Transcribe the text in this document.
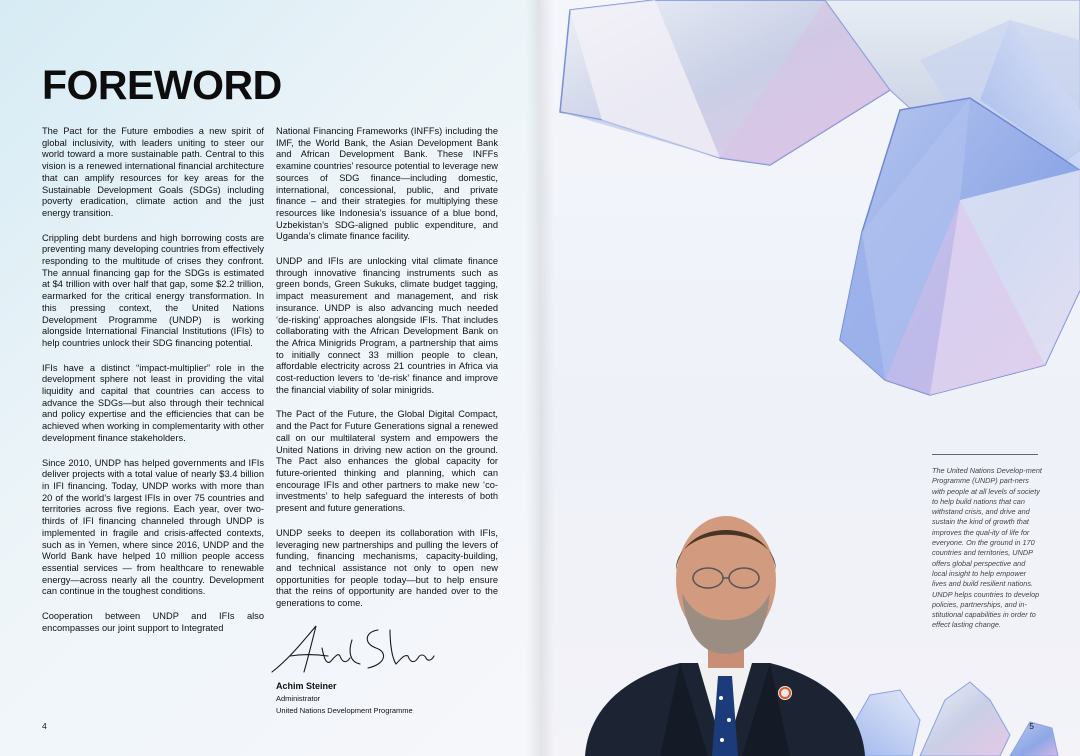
FOREWORD

The Pact for the Future embodies a new spirit of global inclusivity, with leaders uniting to steer our world toward a more sustainable path. Central to this vision is a renewed international financial architecture that can amplify resources for key areas for the Sustainable Development Goals (SDGs) including poverty eradication, climate action and the just energy transition.

Crippling debt burdens and high borrowing costs are preventing many developing countries from effectively responding to the multitude of crises they confront. The annual financing gap for the SDGs is estimated at $4 trillion with over half that gap, some $2.2 trillion, earmarked for the critical energy transformation. In this pressing context, the United Nations Development Programme (UNDP) is working alongside International Financial Institutions (IFIs) to help countries unlock their SDG financing potential.

IFIs have a distinct “impact-multiplier” role in the development sphere not least in providing the vital liquidity and capital that countries can access to advance the SDGs—but also through their technical and policy expertise and the efficiencies that can be achieved when working in complementarity with other development finance stakeholders.

Since 2010, UNDP has helped governments and IFIs deliver projects with a total value of nearly $3.4 billion in IFI financing. Today, UNDP works with more than 20 of the world’s largest IFIs in over 75 countries and territories across five regions. Each year, over two-thirds of IFI financing channeled through UNDP is implemented in fragile and crisis-affected contexts, such as in Yemen, where since 2016, UNDP and the World Bank have helped 10 million people access essential services — from healthcare to renewable energy—across nearly all the country. Development can continue in the toughest conditions.

Cooperation between UNDP and IFIs also encompasses our joint support to Integrated

National Financing Frameworks (INFFs) including the IMF, the World Bank, the Asian Development Bank and African Development Bank. These INFFs examine countries’ resource potential to leverage new sources of SDG finance—including domestic, international, concessional, public, and private finance – and their strategies for multiplying these resources like Indonesia’s issuance of a blue bond, Uzbekistan’s SDG-aligned public expenditure, and Uganda’s climate finance facility.

UNDP and IFIs are unlocking vital climate finance through innovative financing instruments such as green bonds, Green Sukuks, climate budget tagging, impact measurement and management, and risk insurance. UNDP is also advancing much needed ‘de-risking’ approaches alongside IFIs. That includes collaborating with the African Development Bank on the Africa Minigrids Program, a partnership that aims to initially connect 33 million people to clean, affordable electricity across 21 countries in Africa via cost-reduction levers to ‘de-risk’ finance and improve the financial viability of solar minigrids.

The Pact of the Future, the Global Digital Compact, and the Pact for Future Generations signal a renewed call on our multilateral system and empowers the United Nations in driving new action on the ground. The Pact also enhances the global capacity for future-oriented thinking and planning, which can encourage IFIs and other partners to make new ‘co-investments’ to help safeguard the interests of both present and future generations.

UNDP seeks to deepen its collaboration with IFIs, leveraging new partnerships and pulling the levers of funding, financing mechanisms, capacity-building, and technical assistance not only to open new opportunities for people today—but to help ensure that the reins of opportunity are handed over to the generations to come.

Achim Steiner
Administrator
United Nations Development Programme
4
The United Nations Develop-ment Programme (UNDP) part-ners with people at all levels of society to help build nations that can withstand crisis, and drive and sustain the kind of growth that improves the qual-ity of life for everyone. On the ground in 170 countries and territories, UNDP offers global perspective and local insight to help empower lives and build resilient nations. UNDP helps countries to develop policies, partnerships, and in-stitutional capabilities in order to effect lasting change.
5
